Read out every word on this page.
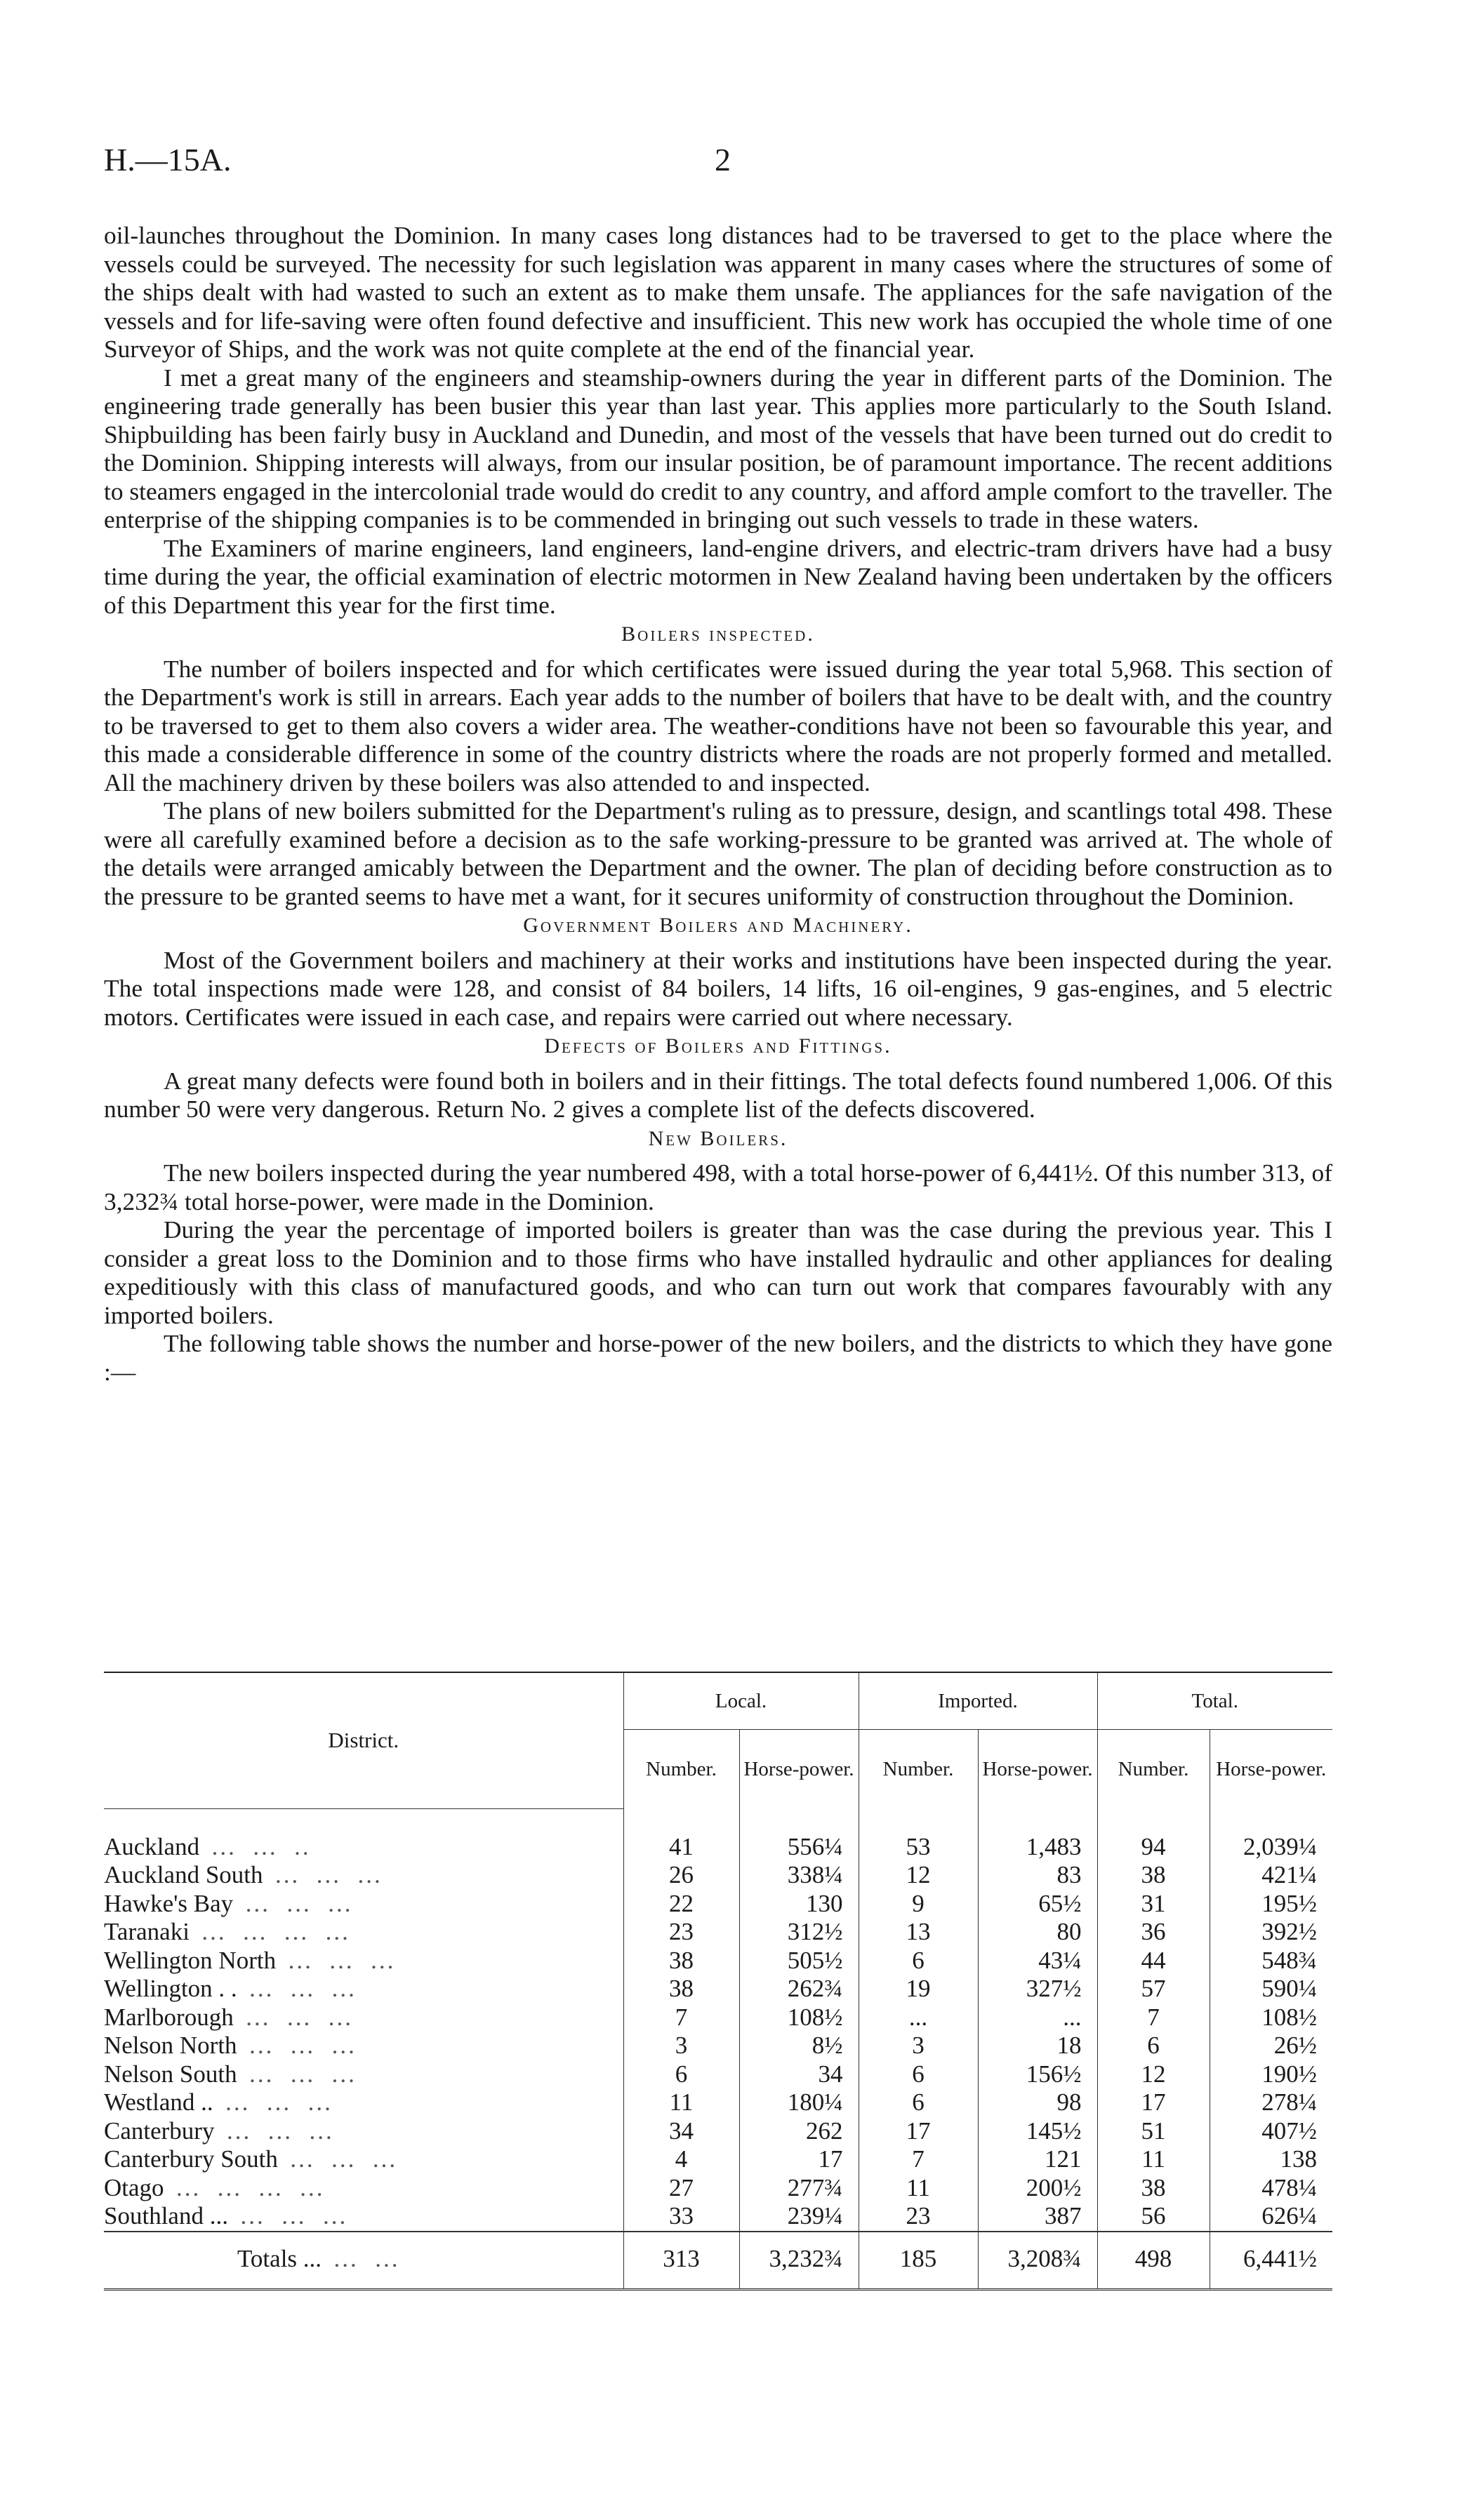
H.—15A.	2

oil-launches throughout the Dominion. In many cases long distances had to be traversed to get to the place where the vessels could be surveyed. The necessity for such legislation was apparent in many cases where the structures of some of the ships dealt with had wasted to such an extent as to make them unsafe. The appliances for the safe navigation of the vessels and for life-saving were often found defective and insufficient. This new work has occupied the whole time of one Surveyor of Ships, and the work was not quite complete at the end of the financial year.

I met a great many of the engineers and steamship-owners during the year in different parts of the Dominion. The engineering trade generally has been busier this year than last year. This applies more particularly to the South Island. Shipbuilding has been fairly busy in Auckland and Dunedin, and most of the vessels that have been turned out do credit to the Dominion. Shipping interests will always, from our insular position, be of paramount importance. The recent additions to steamers engaged in the intercolonial trade would do credit to any country, and afford ample comfort to the traveller. The enterprise of the shipping companies is to be commended in bringing out such vessels to trade in these waters.

The Examiners of marine engineers, land engineers, land-engine drivers, and electric-tram drivers have had a busy time during the year, the official examination of electric motormen in New Zealand having been undertaken by the officers of this Department this year for the first time.

Boilers inspected.

The number of boilers inspected and for which certificates were issued during the year total 5,968. This section of the Department's work is still in arrears. Each year adds to the number of boilers that have to be dealt with, and the country to be traversed to get to them also covers a wider area. The weather-conditions have not been so favourable this year, and this made a considerable difference in some of the country districts where the roads are not properly formed and metalled. All the machinery driven by these boilers was also attended to and inspected.

The plans of new boilers submitted for the Department's ruling as to pressure, design, and scantlings total 498. These were all carefully examined before a decision as to the safe working-pressure to be granted was arrived at. The whole of the details were arranged amicably between the Department and the owner. The plan of deciding before construction as to the pressure to be granted seems to have met a want, for it secures uniformity of construction throughout the Dominion.

Government Boilers and Machinery.

Most of the Government boilers and machinery at their works and institutions have been inspected during the year. The total inspections made were 128, and consist of 84 boilers, 14 lifts, 16 oil-engines, 9 gas-engines, and 5 electric motors. Certificates were issued in each case, and repairs were carried out where necessary.

Defects of Boilers and Fittings.

A great many defects were found both in boilers and in their fittings. The total defects found numbered 1,006. Of this number 50 were very dangerous. Return No. 2 gives a complete list of the defects discovered.

New Boilers.

The new boilers inspected during the year numbered 498, with a total horse-power of 6,441½. Of this number 313, of 3,232¾ total horse-power, were made in the Dominion.

During the year the percentage of imported boilers is greater than was the case during the previous year. This I consider a great loss to the Dominion and to those firms who have installed hydraulic and other appliances for dealing expeditiously with this class of manufactured goods, and who can turn out work that compares favourably with any imported boilers.

The following table shows the number and horse-power of the new boilers, and the districts to which they have gone :—

District.	Local.		Imported.		Total.	
	Number.	Horse-power.	Number.	Horse-power.	Number.	Horse-power.

Auckland ...  ...  ..	41	556¼	53	1,483	94	2,039¼
Auckland South ...  ...  ...	26	338¼	12	83	38	421¼
Hawke's Bay ...  ...  ...	22	130	9	65½	31	195½
Taranaki ...  ...  ...  ...	23	312½	13	80	36	392½
Wellington North ...  ...  ...	38	505½	6	43¼	44	548¾
Wellington . . ...  ...  ...	38	262¾	19	327½	57	590¼
Marlborough ...  ...  ...	7	108½	...	...	7	108½
Nelson North ...  ...  ...	3	8½	3	18	6	26½
Nelson South ...  ...  ...	6	34	6	156½	12	190½
Westland .. ...  ...  ...	11	180¼	6	98	17	278¼
Canterbury ...  ...  ...	34	262	17	145½	51	407½
Canterbury South ...  ...  ...	4	17	7	121	11	138
Otago ...  ...  ...  ...	27	277¾	11	200½	38	478¼
Southland ... ...  ...  ...	33	239¼	23	387	56	626¼
Totals ... ...  ...	313	3,232¾	185	3,208¾	498	6,441½
